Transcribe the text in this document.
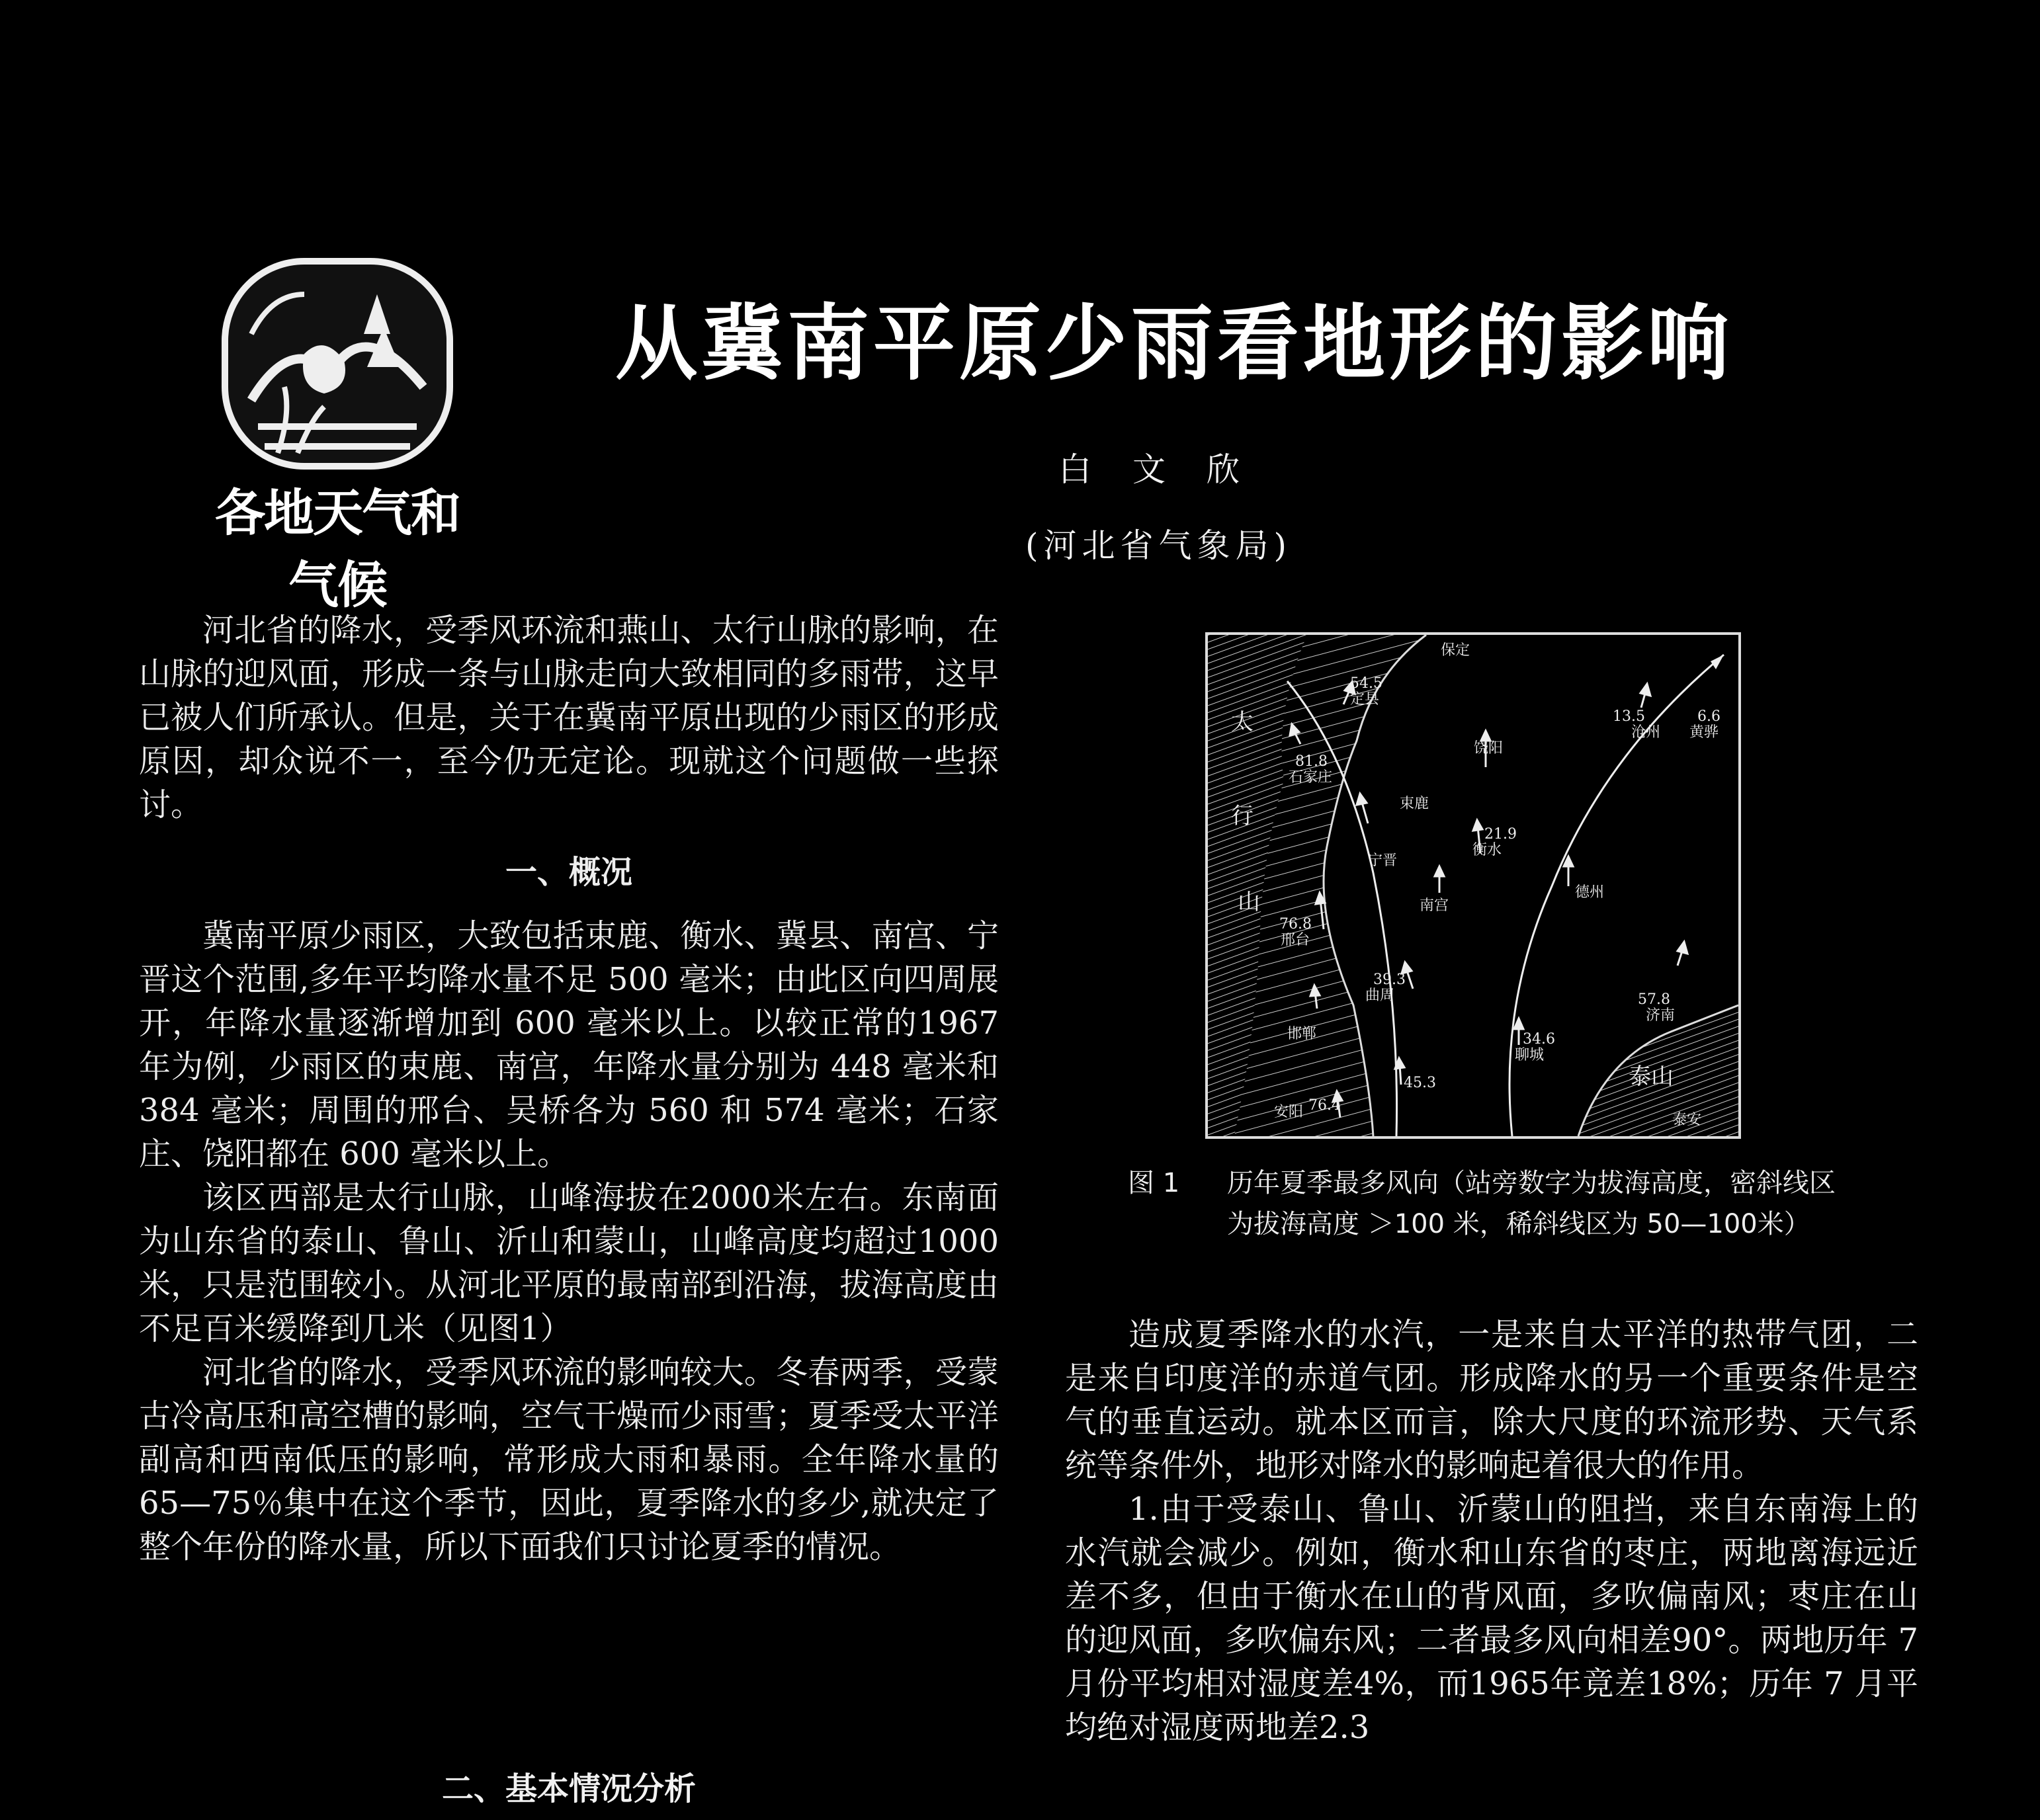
各地天气和气候
从冀南平原少雨看地形的影响
白文欣
(河北省气象局)

河北省的降水，受季风环流和燕山、太行山脉的影响，在山脉的迎风面，形成一条与山脉走向大致相同的多雨带，这早已被人们所承认。但是，关于在冀南平原出现的少雨区的形成原因，却众说不一，至今仍无定论。现就这个问题做一些探讨。

一、概况

冀南平原少雨区，大致包括束鹿、衡水、冀县、南宫、宁晋这个范围,多年平均降水量不足 500 毫米；由此区向四周展开，年降水量逐渐增加到 600 毫米以上。以较正常的1967年为例，少雨区的束鹿、南宫，年降水量分别为 448 毫米和 384 毫米；周围的邢台、吴桥各为 560 和 574 毫米；石家庄、饶阳都在 600 毫米以上。

该区西部是太行山脉，山峰海拔在2000米左右。东南面为山东省的泰山、鲁山、沂山和蒙山，山峰高度均超过1000米，只是范围较小。从河北平原的最南部到沿海，拔海高度由不足百米缓降到几米（见图1）

河北省的降水，受季风环流的影响较大。冬春两季，受蒙古冷高压和高空槽的影响，空气干燥而少雨雪；夏季受太平洋副高和西南低压的影响，常形成大雨和暴雨。全年降水量的65—75％集中在这个季节，因此，夏季降水的多少,就决定了整个年份的降水量，所以下面我们只讨论夏季的情况。

二、基本情况分析
保定
54.5
定县
81.8
石家庄
饶阳
束鹿
21.9
衡水
宁晋
南宫
76.8
邢台
39.3
曲周
邯郸
76.4
安阳
45.3
13.5
沧州
6.6
黄骅
德州
57.8
济南
34.6
聊城
泰安
太
行
山
泰山
图 1 历年夏季最多风向（站旁数字为拔海高度，密斜线区为拔海高度 ＞100 米，稀斜线区为 50—100米）

造成夏季降水的水汽，一是来自太平洋的热带气团，二是来自印度洋的赤道气团。形成降水的另一个重要条件是空气的垂直运动。就本区而言，除大尺度的环流形势、天气系统等条件外，地形对降水的影响起着很大的作用。

1.由于受泰山、鲁山、沂蒙山的阻挡，来自东南海上的水汽就会减少。例如，衡水和山东省的枣庄，两地离海远近差不多，但由于衡水在山的背风面，多吹偏南风；枣庄在山的迎风面，多吹偏东风；二者最多风向相差90°。两地历年 7 月份平均相对湿度差4%，而1965年竟差18%；历年 7 月平均绝对湿度两地差2.3
